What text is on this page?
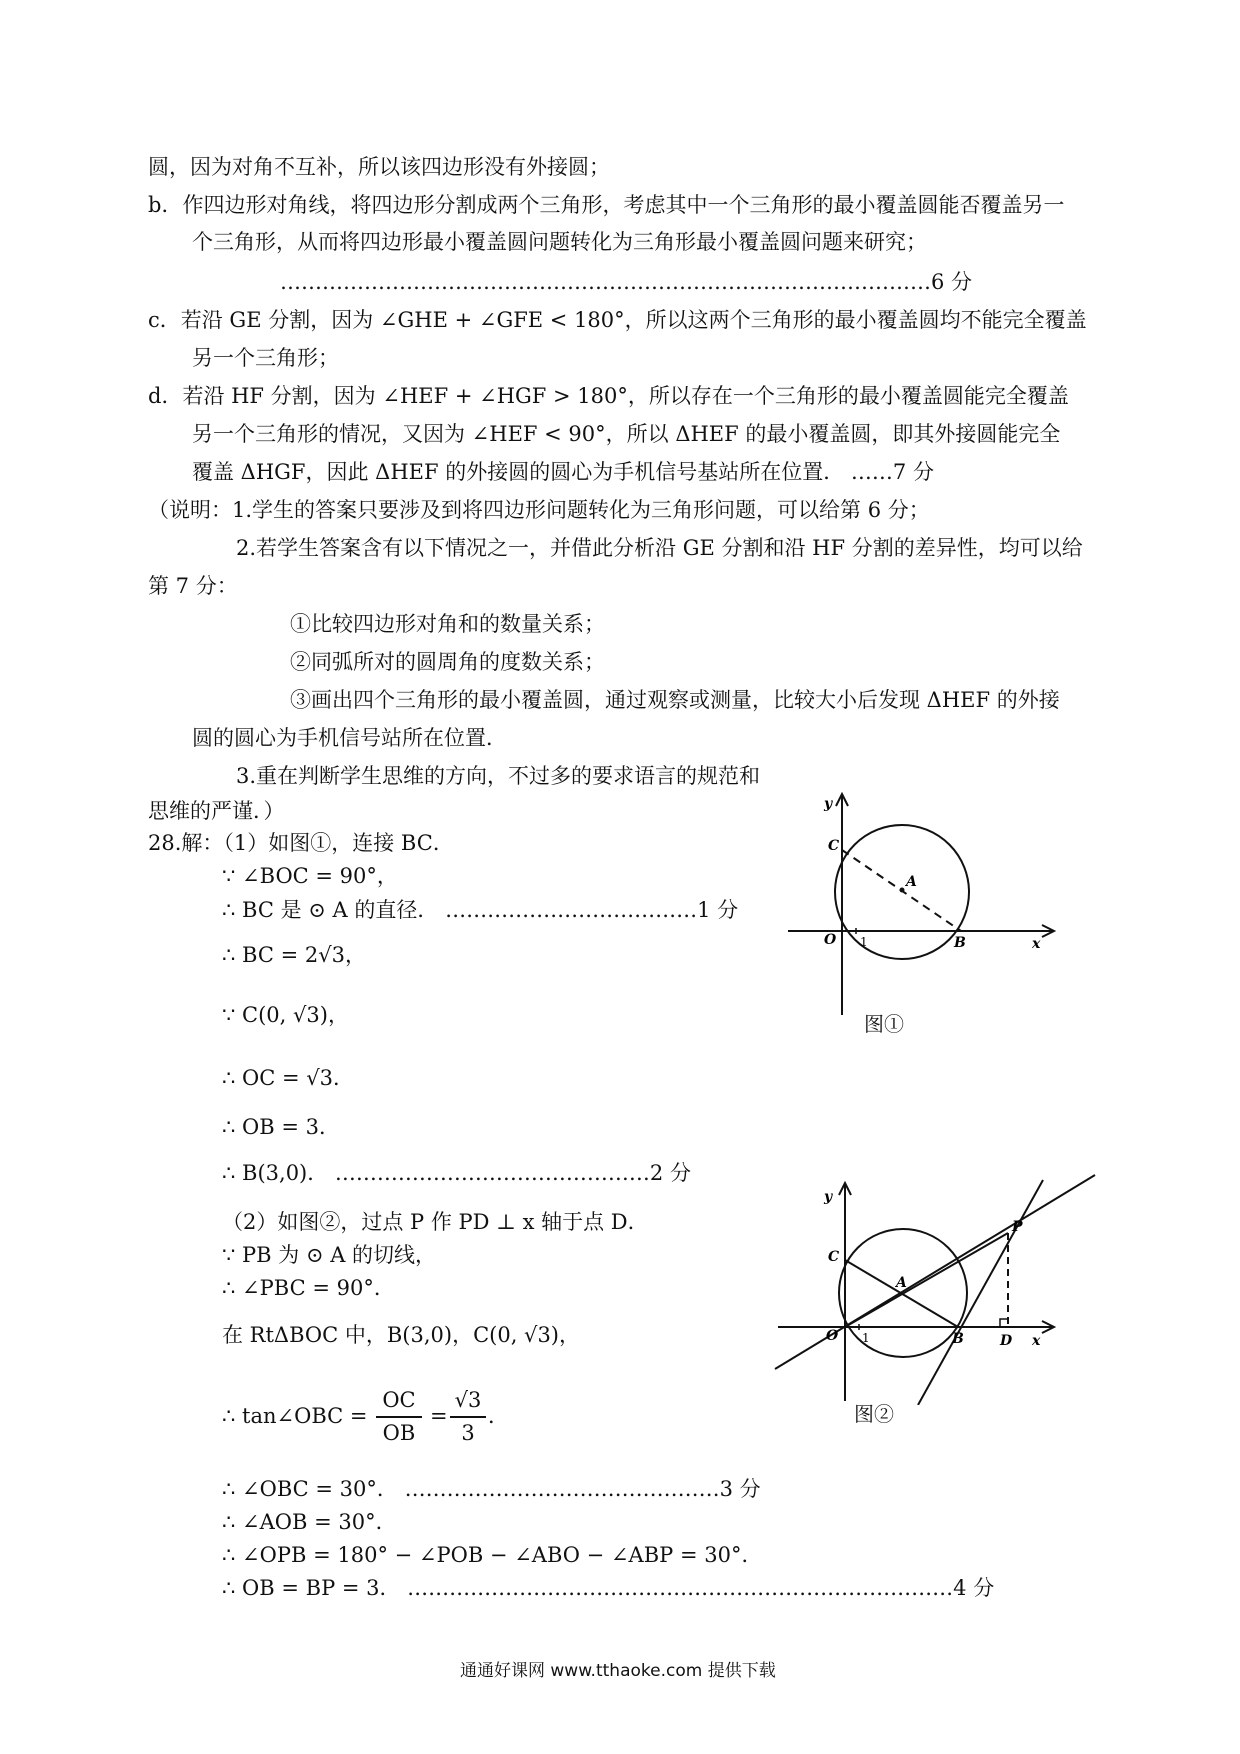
圆，因为对角不互补，所以该四边形没有外接圆；
b．作四边形对角线，将四边形分割成两个三角形，考虑其中一个三角形的最小覆盖圆能否覆盖另一
个三角形，从而将四边形最小覆盖圆问题转化为三角形最小覆盖圆问题来研究；
…………………………………………………………………………………6 分
c．若沿 GE 分割，因为 ∠GHE + ∠GFE < 180°，所以这两个三角形的最小覆盖圆均不能完全覆盖
另一个三角形；
d．若沿 HF 分割，因为 ∠HEF + ∠HGF > 180°，所以存在一个三角形的最小覆盖圆能完全覆盖
另一个三角形的情况，又因为 ∠HEF < 90°，所以 ΔHEF 的最小覆盖圆，即其外接圆能完全
覆盖 ΔHGF，因此 ΔHEF 的外接圆的圆心为手机信号基站所在位置． ……7 分
（说明：1.学生的答案只要涉及到将四边形问题转化为三角形问题，可以给第 6 分；
2.若学生答案含有以下情况之一，并借此分析沿 GE 分割和沿 HF 分割的差异性，均可以给
第 7 分：
①比较四边形对角和的数量关系；
②同弧所对的圆周角的度数关系；
③画出四个三角形的最小覆盖圆，通过观察或测量，比较大小后发现 ΔHEF 的外接
圆的圆心为手机信号站所在位置．
3.重在判断学生思维的方向，不过多的要求语言的规范和
思维的严谨．）
28.解：（1）如图①，连接 BC．
∵ ∠BOC = 90°，
∴ BC 是 ⊙ A 的直径． ………………………………1 分
∴ BC = 2√3，
∵ C(0, √3)，
∴ OC = √3．
∴ OB = 3．
∴ B(3,0)． ………………………………………2 分
（2）如图②，过点 P 作 PD ⊥ x 轴于点 D．
∵ PB 为 ⊙ A 的切线，
∴ ∠PBC = 90°．
在 RtΔBOC 中，B(3,0)，C(0, √3)，
∴ tan∠OBC =
OC
OB
=
√3
3
．
∴ ∠OBC = 30°． ………………………………………3 分
∴ ∠AOB = 30°．
∴ ∠OPB = 180° − ∠POB − ∠ABO − ∠ABP = 30°．
∴ OB = BP = 3． ……………………………………………………………………4 分
O
C
A
B	x
y
1
图①
O
C
A
B
P
D x
y
1
图②
通通好课网 www.tthaoke.com 提供下载
